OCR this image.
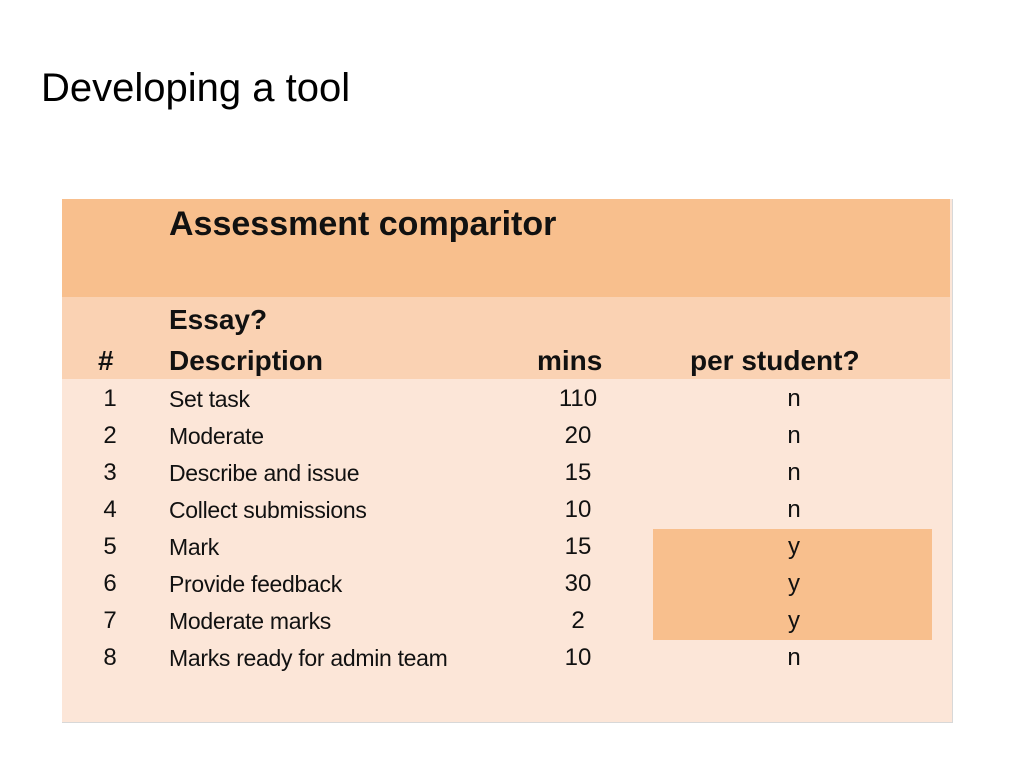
Developing a tool
Assessment comparitor
Essay?
# Description	mins	per student?
1	Set task	110	n
2	Moderate	20	n
3	Describe and issue	15	n
4	Collect submissions	10	n
5	Mark	15	y
6	Provide feedback	30	y
7	Moderate marks	2	y
8	Marks ready for admin team	10	n
